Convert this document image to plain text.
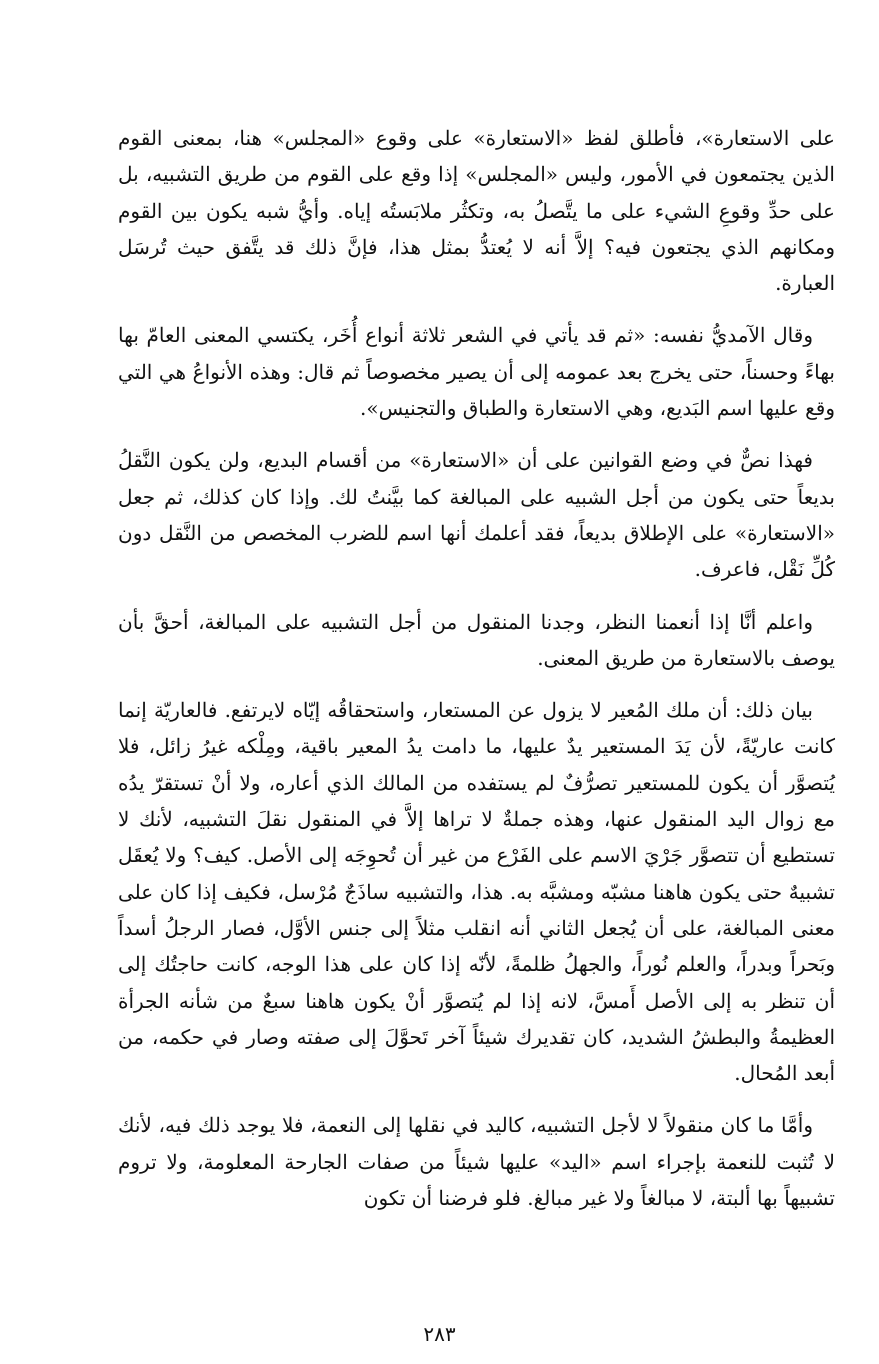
على الاستعارة»، فأطلق لفظ «الاستعارة» على وقوع «المجلس» هنا، بمعنى القوم الذين يجتمعون في الأمور، وليس «المجلس» إذا وقع على القوم من طريق التشبيه، بل على حدِّ وقوعِ الشيء على ما يتَّصلُ به، وتكثُر ملابَستُه إياه. وأيُّ شبه يكون بين القوم ومكانهم الذي يجتعون فيه؟ إلاَّ أنه لا يُعتدُّ بمثل هذا، فإنَّ ذلك قد يتَّفق حيث تُرسَل العبارة.

وقال الآمديُّ نفسه: «ثم قد يأتي في الشعر ثلاثة أنواع أُخَر، يكتسي المعنى العامّ بها بهاءً وحسناً، حتى يخرج بعد عمومه إلى أن يصير مخصوصاً ثم قال: وهذه الأنواعُ هي التي وقع عليها اسم البَديع، وهي الاستعارة والطباق والتجنيس».

فهذا نصٌّ في وضع القوانين على أن «الاستعارة» من أقسام البديع، ولن يكون النَّقلُ بديعاً حتى يكون من أجل الشبيه على المبالغة كما بيَّنتُ لك. وإذا كان كذلك، ثم جعل «الاستعارة» على الإطلاق بديعاً، فقد أعلمك أنها اسم للضرب المخصص من النَّقل دون كُلِّ نَقْل، فاعرف.

واعلم أنَّا إذا أنعمنا النظر، وجدنا المنقول من أجل التشبيه على المبالغة، أحقَّ بأن يوصف بالاستعارة من طريق المعنى.

بيان ذلك: أن ملك المُعير لا يزول عن المستعار، واستحقاقُه إيّاه لايرتفع. فالعاريّة إنما كانت عاريّةً، لأن يَدَ المستعير يدٌ عليها، ما دامت يدُ المعير باقية، ومِلْكه غيرُ زائل، فلا يُتصوَّر أن يكون للمستعير تصرُّفٌ لم يستفده من المالك الذي أعاره، ولا أنْ تستقرّ يدُه مع زوال اليد المنقول عنها، وهذه جملةٌ لا تراها إلاَّ في المنقول نقلَ التشبيه، لأنك لا تستطيع أن تتصوَّر جَرْيَ الاسم على الفَرْع من غير أن تُحوِجَه إلى الأصل. كيف؟ ولا يُعقَل تشبيهٌ حتى يكون هاهنا مشبّه ومشبَّه به. هذا، والتشبيه ساذَجٌ مُرْسل، فكيف إذا كان على معنى المبالغة، على أن يُجعل الثاني أنه انقلب مثلاً إلى جنس الأوَّل، فصار الرجلُ أسداً وبَحراً وبدراً، والعلم نُوراً، والجهلُ ظلمةً، لأنّه إذا كان على هذا الوجه، كانت حاجتُك إلى أن تنظر به إلى الأصل أَمسَّ، لانه إذا لم يُتصوَّر أنْ يكون هاهنا سبعٌ من شأنه الجرأة العظيمةُ والبطشُ الشديد، كان تقديرك شيئاً آخر تَحوَّلَ إلى صفته وصار في حكمه، من أبعد المُحال.

وأمَّا ما كان منقولاً لا لأجل التشبيه، كاليد في نقلها إلى النعمة، فلا يوجد ذلك فيه، لأنك لا تُثبت للنعمة بإجراء اسم «اليد» عليها شيئاً من صفات الجارحة المعلومة، ولا تروم تشبيهاً بها ألبتة، لا مبالغاً ولا غير مبالغ. فلو فرضنا أن تكون

٢٨٣
